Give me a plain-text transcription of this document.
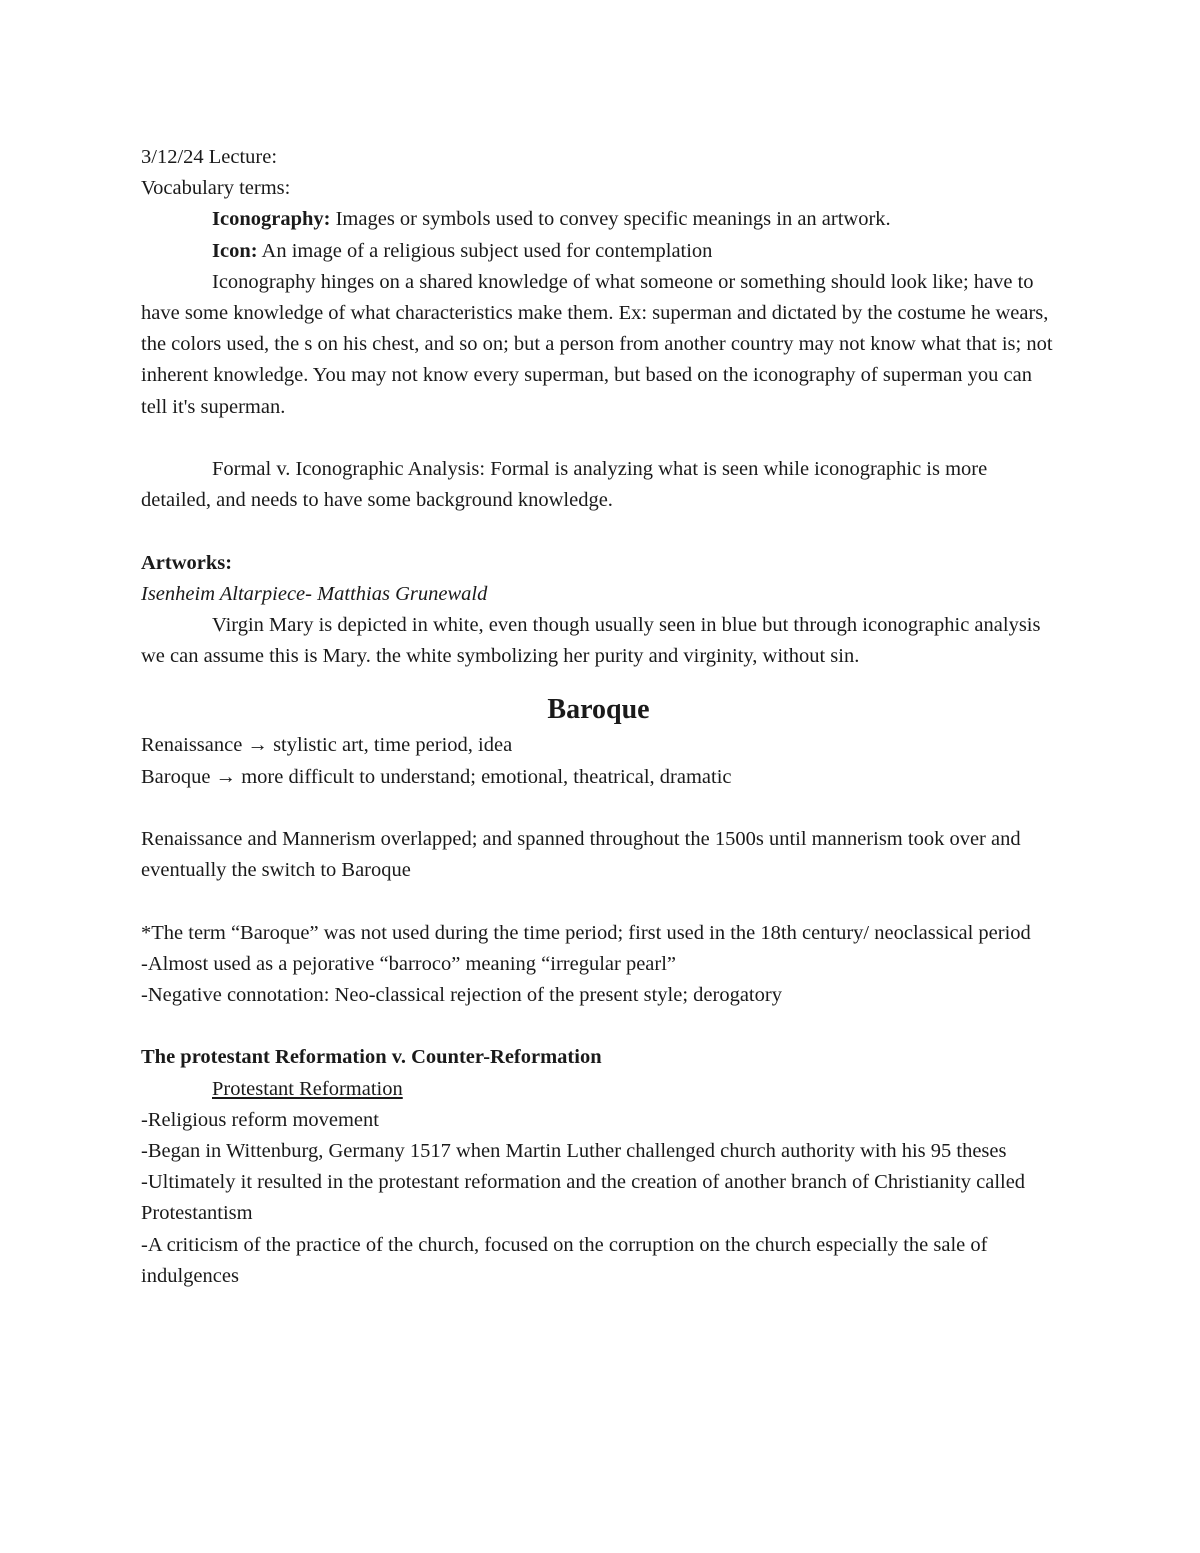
3/12/24 Lecture:
Vocabulary terms:
Iconography: Images or symbols used to convey specific meanings in an artwork.
Icon: An image of a religious subject used for contemplation
Iconography hinges on a shared knowledge of what someone or something should look like; have to have some knowledge of what characteristics make them. Ex: superman and dictated by the costume he wears, the colors used, the s on his chest, and so on; but a person from another country may not know what that is; not inherent knowledge. You may not know every superman, but based on the iconography of superman you can tell it's superman.
Formal v. Iconographic Analysis: Formal is analyzing what is seen while iconographic is more detailed, and needs to have some background knowledge.
Artworks:
Isenheim Altarpiece- Matthias Grunewald
Virgin Mary is depicted in white, even though usually seen in blue but through iconographic analysis we can assume this is Mary. the white symbolizing her purity and virginity, without sin.
Baroque
Renaissance → stylistic art, time period, idea
Baroque → more difficult to understand; emotional, theatrical, dramatic
Renaissance and Mannerism overlapped; and spanned throughout the 1500s until mannerism took over and eventually the switch to Baroque
*The term “Baroque” was not used during the time period; first used in the 18th century/ neoclassical period
-Almost used as a pejorative “barroco” meaning “irregular pearl”
-Negative connotation: Neo-classical rejection of the present style; derogatory
The protestant Reformation v. Counter-Reformation
Protestant Reformation
-Religious reform movement
-Began in Wittenburg, Germany 1517 when Martin Luther challenged church authority with his 95 theses
-Ultimately it resulted in the protestant reformation and the creation of another branch of Christianity called Protestantism
-A criticism of the practice of the church, focused on the corruption on the church especially the sale of indulgences
